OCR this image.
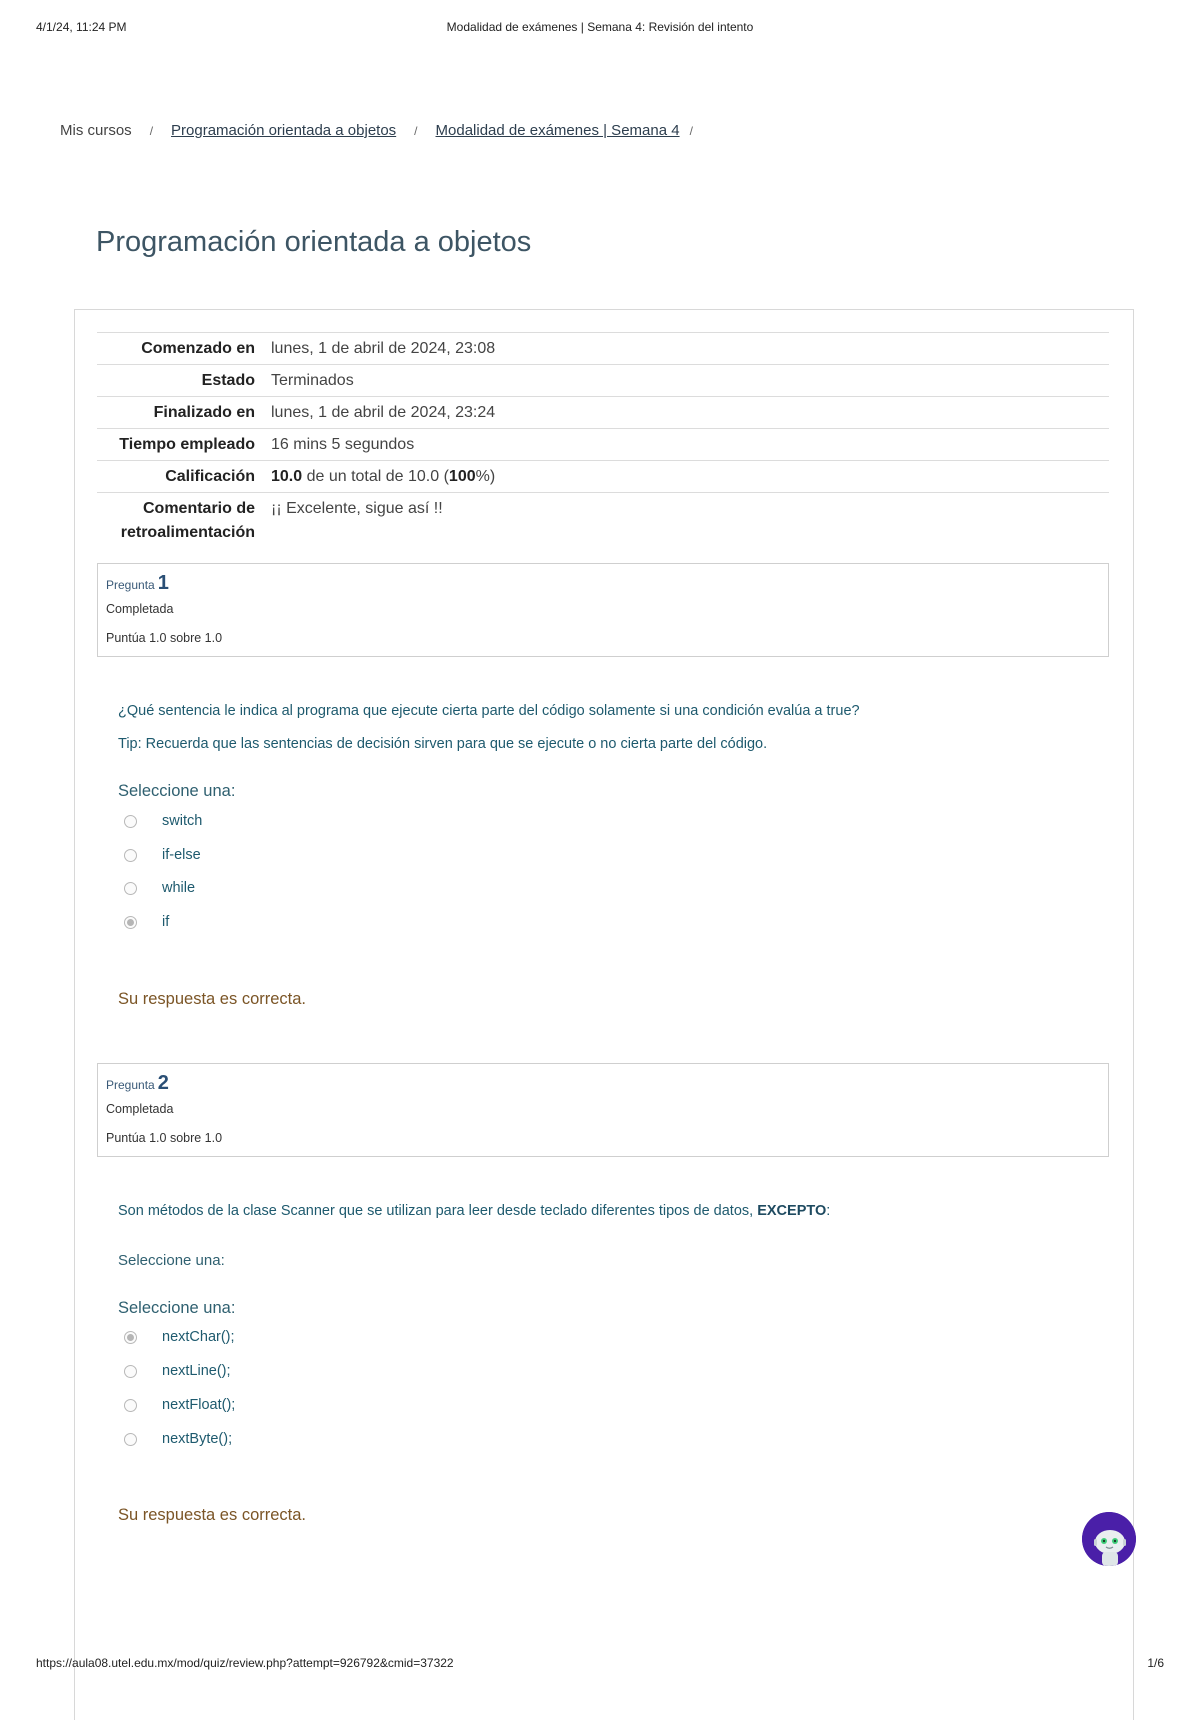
4/1/24, 11:24 PM	Modalidad de exámenes | Semana 4: Revisión del intento
Mis cursos / Programación orientada a objetos / Modalidad de exámenes | Semana 4 /
Programación orientada a objetos
Comenzado en	lunes, 1 de abril de 2024, 23:08
Estado	Terminados
Finalizado en	lunes, 1 de abril de 2024, 23:24
Tiempo empleado	16 mins 5 segundos
Calificación	10.0 de un total de 10.0 (100%)
Comentario de retroalimentación	¡¡ Excelente, sigue así !!
Pregunta 1
Completada
Puntúa 1.0 sobre 1.0
¿Qué sentencia le indica al programa que ejecute cierta parte del código solamente si una condición evalúa a true?
Tip: Recuerda que las sentencias de decisión sirven para que se ejecute o no cierta parte del código.
Seleccione una:
switch
if-else
while
if
Su respuesta es correcta.
Pregunta 2
Completada
Puntúa 1.0 sobre 1.0
Son métodos de la clase Scanner que se utilizan para leer desde teclado diferentes tipos de datos, EXCEPTO:
Seleccione una:
Seleccione una:
nextChar();
nextLine();
nextFloat();
nextByte();
Su respuesta es correcta.
https://aula08.utel.edu.mx/mod/quiz/review.php?attempt=926792&cmid=37322	1/6
